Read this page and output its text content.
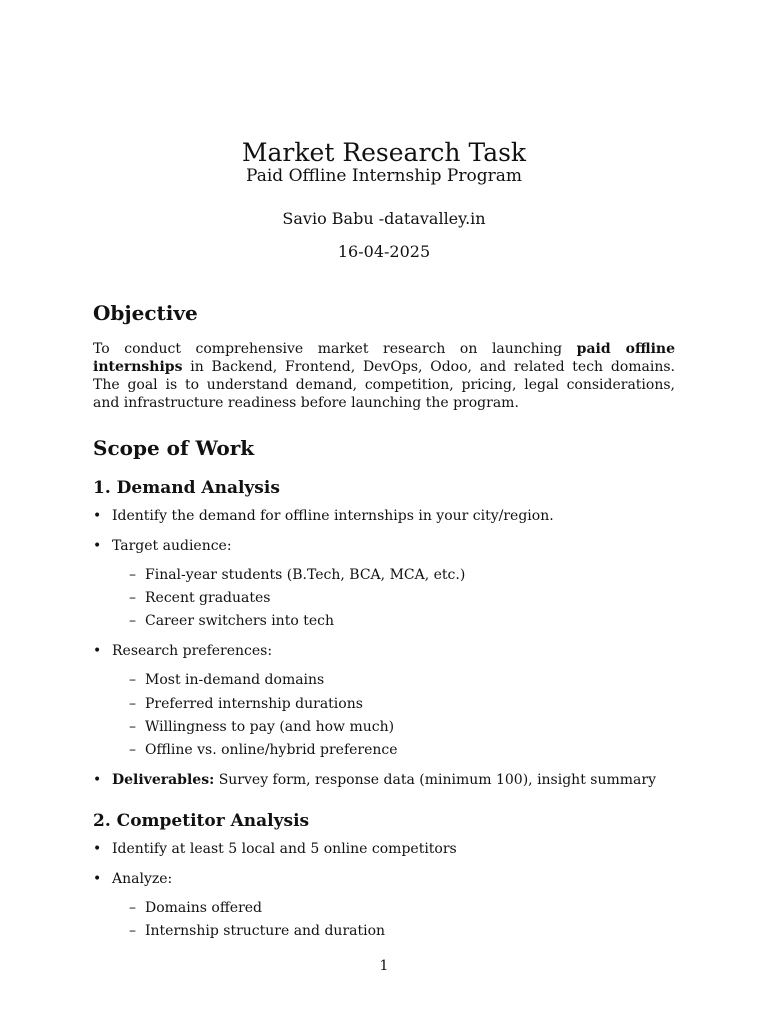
Market Research Task
Paid Offline Internship Program
Savio Babu -datavalley.in
16-04-2025
Objective
To conduct comprehensive market research on launching paid offline internships in Backend, Frontend, DevOps, Odoo, and related tech domains. The goal is to understand demand, competition, pricing, legal considerations, and infrastructure readiness before launching the program.
Scope of Work
1. Demand Analysis
• Identify the demand for offline internships in your city/region.
• Target audience:
– Final-year students (B.Tech, BCA, MCA, etc.)
– Recent graduates
– Career switchers into tech
• Research preferences:
– Most in-demand domains
– Preferred internship durations
– Willingness to pay (and how much)
– Offline vs. online/hybrid preference
• Deliverables: Survey form, response data (minimum 100), insight summary
2. Competitor Analysis
• Identify at least 5 local and 5 online competitors
• Analyze:
– Domains offered
– Internship structure and duration
1
